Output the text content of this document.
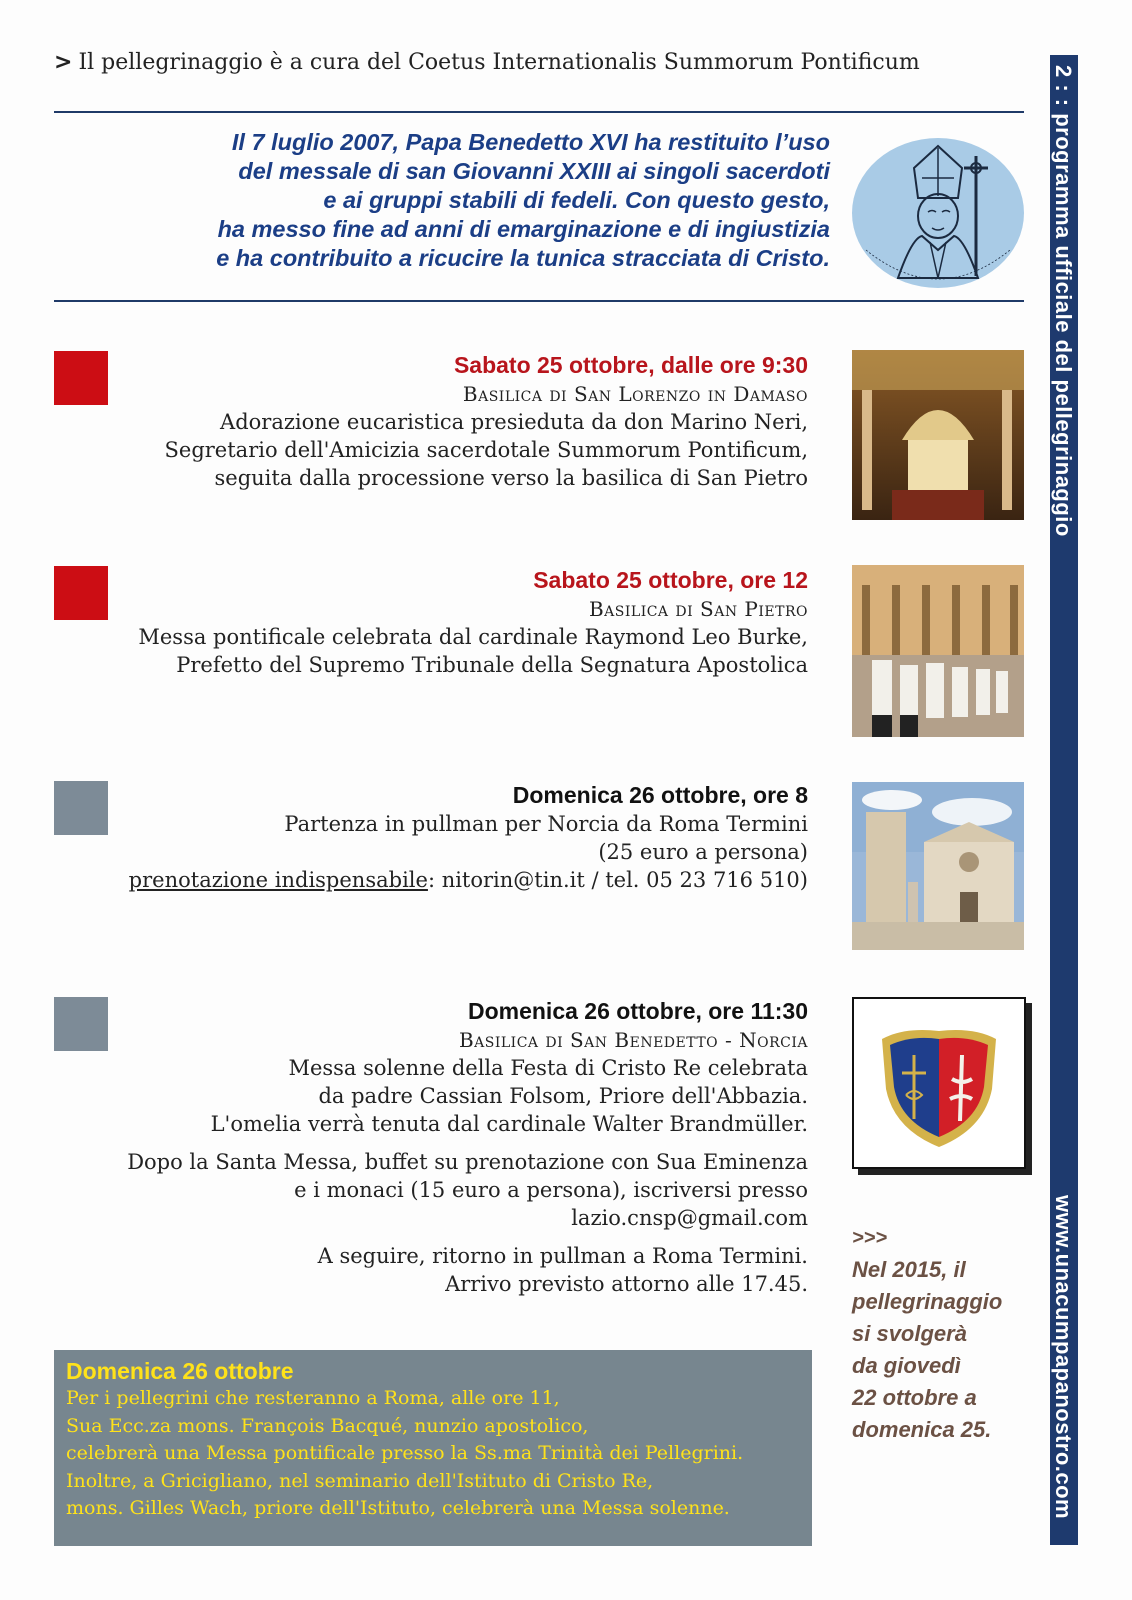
> Il pellegrinaggio è a cura del Coetus Internationalis Summorum Pontificum
Il 7 luglio 2007, Papa Benedetto XVI ha restituito l’uso
del messale di san Giovanni XXIII ai singoli sacerdoti
e ai gruppi stabili di fedeli. Con questo gesto,
ha messo fine ad anni di emarginazione e di ingiustizia
e ha contribuito a ricucire la tunica stracciata di Cristo.	2 : : programma ufficiale del pellegrinaggio
www.unacumpapanostro.com
Sabato 25 ottobre, dalle ore 9:30
Basilica di San Lorenzo in Damaso
Adorazione eucaristica presieduta da don Marino Neri,
Segretario dell'Amicizia sacerdotale Summorum Pontificum,
seguita dalla processione verso la basilica di San Pietro
Sabato 25 ottobre, ore 12
Basilica di San Pietro
Messa pontificale celebrata dal cardinale Raymond Leo Burke,
Prefetto del Supremo Tribunale della Segnatura Apostolica
Domenica 26 ottobre, ore 8
Partenza in pullman per Norcia da Roma Termini
(25 euro a persona)
prenotazione indispensabile: nitorin@tin.it / tel. 05 23 716 510)
Domenica 26 ottobre, ore 11:30
Basilica di San Benedetto - Norcia
Messa solenne della Festa di Cristo Re celebrata
da padre Cassian Folsom, Priore dell'Abbazia.
L'omelia verrà tenuta dal cardinale Walter Brandmüller.
Dopo la Santa Messa, buffet su prenotazione con Sua Eminenza
e i monaci (15 euro a persona), iscriversi presso
lazio.cnsp@gmail.com
A seguire, ritorno in pullman a Roma Termini.
Arrivo previsto attorno alle 17.45.
>>>
Nel 2015, il
pellegrinaggio
si svolgerà
da giovedì
22 ottobre a
domenica 25.
Domenica 26 ottobre
Per i pellegrini che resteranno a Roma, alle ore 11,
Sua Ecc.za mons. François Bacqué, nunzio apostolico,
celebrerà una Messa pontificale presso la Ss.ma Trinità dei Pellegrini.
Inoltre, a Gricigliano, nel seminario dell'Istituto di Cristo Re,
mons. Gilles Wach, priore dell'Istituto, celebrerà una Messa solenne.
